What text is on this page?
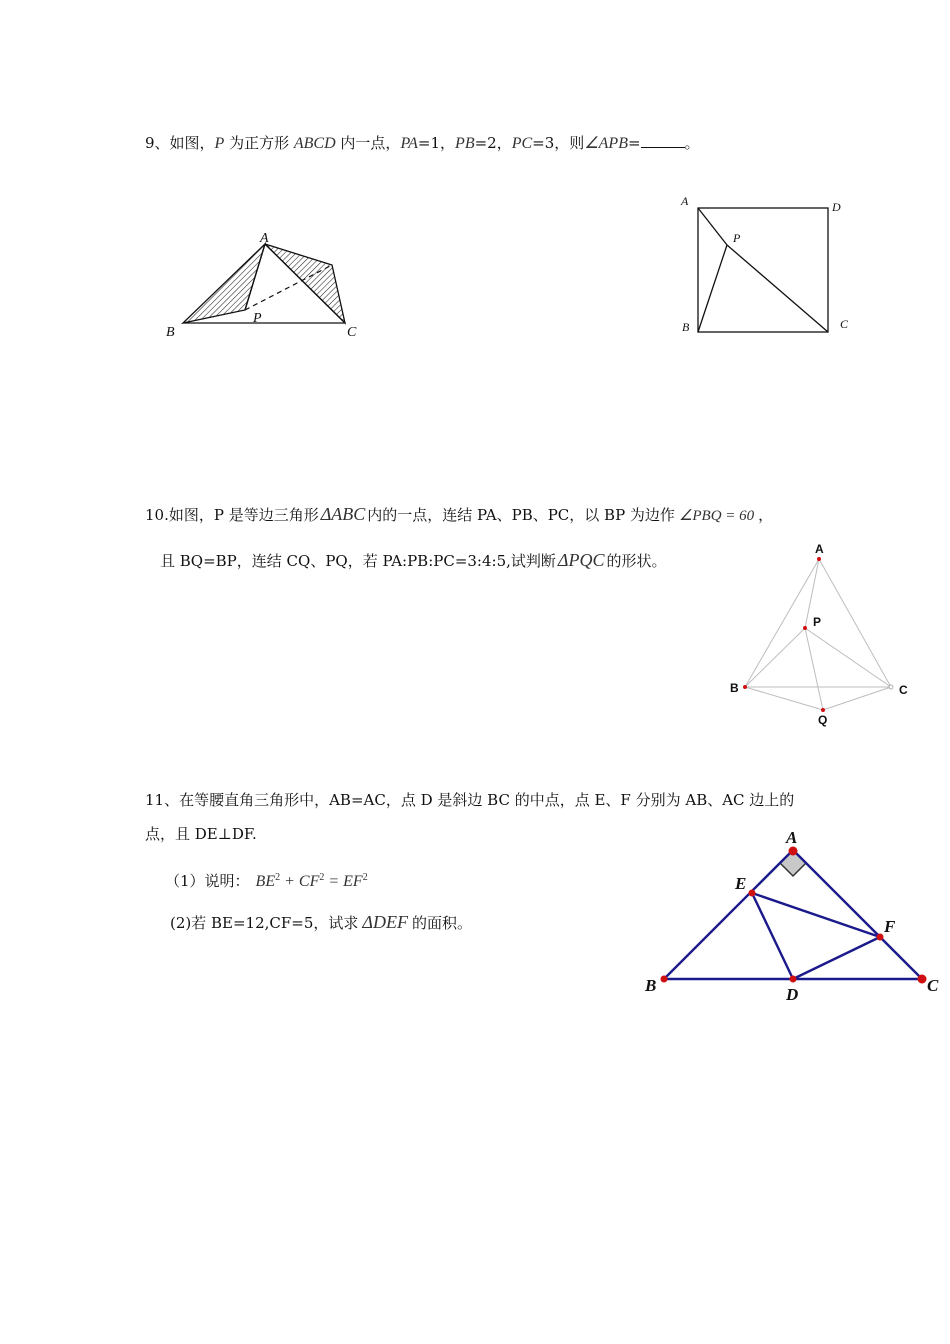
9、如图，P 为正方形 ABCD 内一点，PA=1，PB=2，PC=3，则∠APB=	。
A
B
P
C
A	D
P
B	C
10.如图，P 是等边三角形 ΔABC 内的一点，连结 PA、PB、PC，以 BP 为边作 ∠PBQ = 60 ，
且 BQ=BP，连结 CQ、PQ，若 PA:PB:PC=3:4:5,试判断 ΔPQC 的形状。
A
P
B	C
Q
11、在等腰直角三角形中，AB=AC，点 D 是斜边 BC 的中点，点 E、F 分别为 AB、AC 边上的
点，且 DE⊥DF.
（1）说明： $BE^2 + CF^2 = EF^2$
(2)若 BE=12,CF=5，试求 ΔDEF 的面积。
A
E
F
B	D	C
